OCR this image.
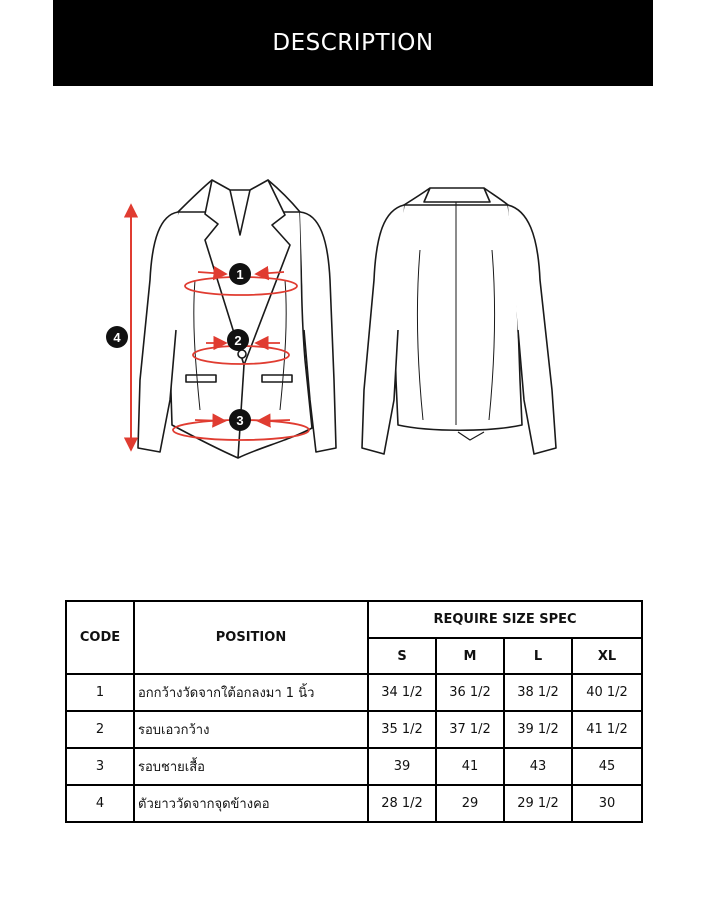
DESCRIPTION
1
2
3
4
CODE	POSITION	REQUIRE SIZE SPEC			
		S	M	L	XL
1	อกกว้างวัดจากใต้อกลงมา 1 นิ้ว	34 1/2	36 1/2	38 1/2	40 1/2
2	รอบเอวกว้าง	35 1/2	37 1/2	39 1/2	41 1/2
3	รอบชายเสื้อ	39	41	43	45
4	ตัวยาววัดจากจุดข้างคอ	28 1/2	29	29 1/2	30
